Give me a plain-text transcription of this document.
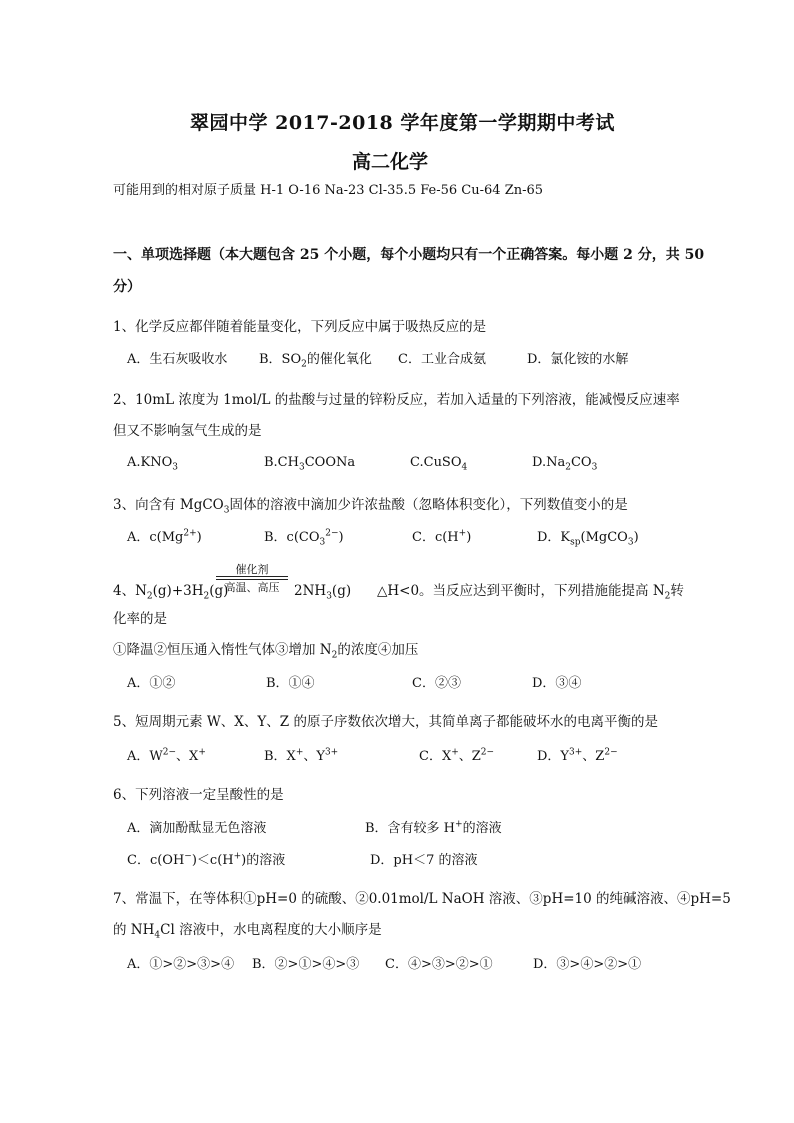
翠园中学 2017-2018 学年度第一学期期中考试
高二化学
可能用到的相对原子质量 H-1 O-16 Na-23 Cl-35.5 Fe-56 Cu-64 Zn-65
一、单项选择题（本大题包含 25 个小题，每个小题均只有一个正确答案。每小题 2 分，共 50
分）
1、化学反应都伴随着能量变化，下列反应中属于吸热反应的是
A．生石灰吸收水 B．$SO_2$的催化氧化 C．工业合成氨	D．氯化铵的水解
2、10mL 浓度为 1mol/L 的盐酸与过量的锌粉反应，若加入适量的下列溶液，能减慢反应速率
但又不影响氢气生成的是
$A.KNO_3$	$B.CH_3COONa$	C.CuSO$_4$	$D.Na_2CO_3$
3、向含有 MgCO$_3$固体的溶液中滴加少许浓盐酸（忽略体积变化），下列数值变小的是
A．$c(Mg^{2+})$	B．$c(CO_3^{2-})$	C．c(H+)	D．$K_{sp}(MgCO_3)$
4、$N_2(g)+3H_2(g)$
催化剂
高温、高压	$2NH_3(g)$ △H<0。当反应达到平衡时，下列措施能提高 $N_2$转
化率的是
①降温②恒压通入惰性气体③增加 $N_2$的浓度④加压
A．①②	B．①④	C．②③	D．③④
5、短周期元素 W、X、Y、Z 的原子序数依次增大，其简单离子都能破坏水的电离平衡的是
A．$W^{2-}$、X+	B．X+、$Y^{3+}$	C．X+、$Z^{2-}$	D．$Y^{3+}$、$Z^{2-}$
6、下列溶液一定呈酸性的是
A．滴加酚酞显无色溶液	B．含有较多 H+的溶液
C．c(OH−)＜c(H+)的溶液	D．pH＜7 的溶液
7、常温下，在等体积①pH=0 的硫酸、②0.01mol/L NaOH 溶液、③pH=10 的纯碱溶液、④pH=5
的 $NH_4Cl$ 溶液中，水电离程度的大小顺序是
A．①>②>③>④ B．②>①>④>③ C．④>③>②>①	D．③>④>②>①
